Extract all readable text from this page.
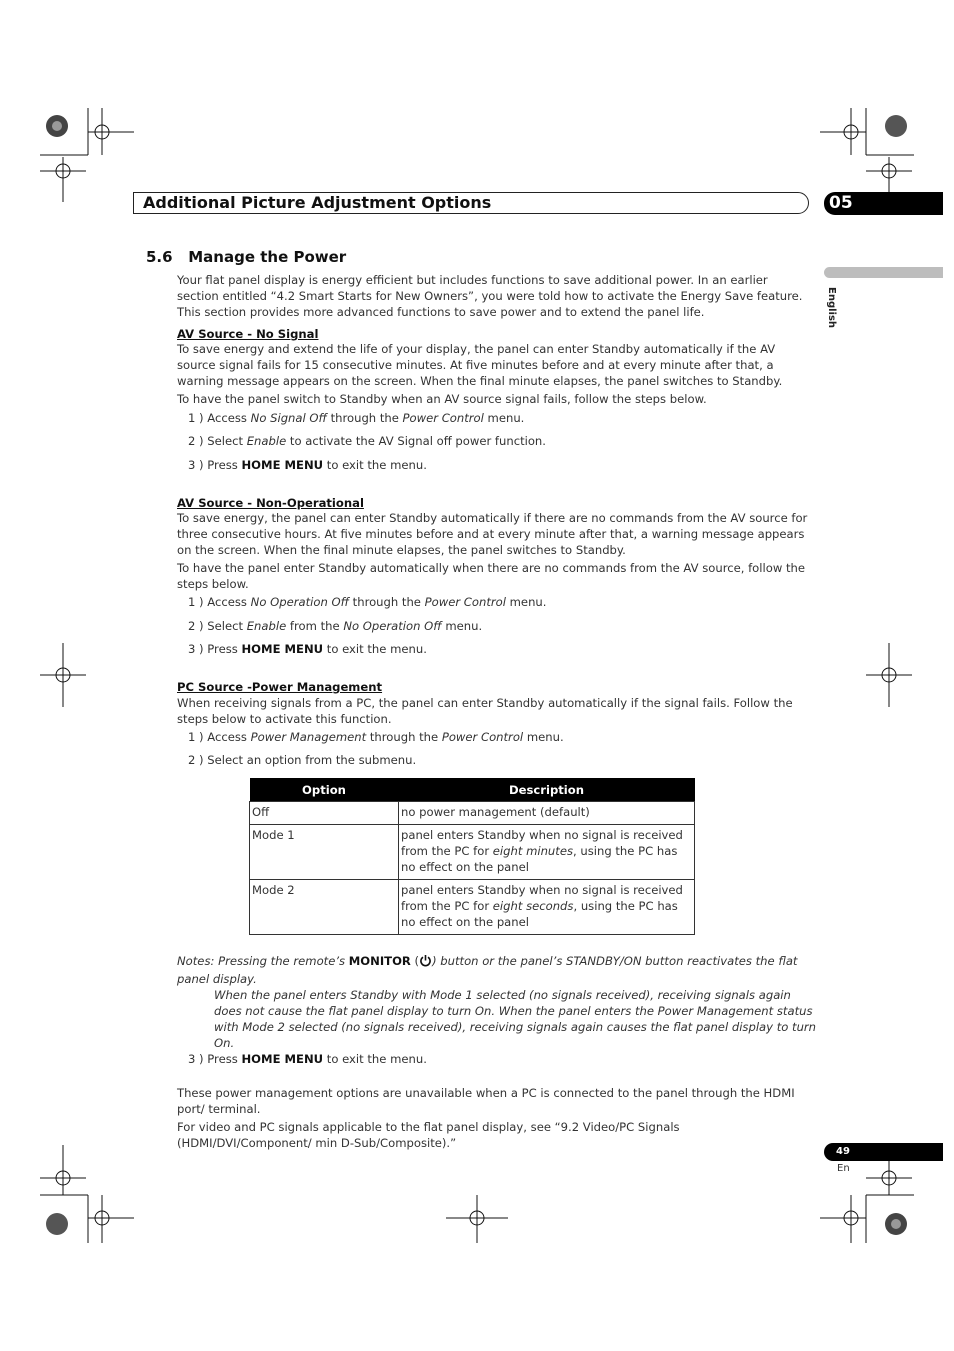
Additional Picture Adjustment Options	05
English
5.6   Manage the Power
Your flat panel display is energy efficient but includes functions to save additional power. In an earlier section entitled “4.2 Smart Starts for New Owners”, you were told how to activate the Energy Save feature. This section provides more advanced functions to save power and to extend the panel life.
AV Source - No Signal
To save energy and extend the life of your display, the panel can enter Standby automatically if the AV source signal fails for 15 consecutive minutes. At five minutes before and at every minute after that, a warning message appears on the screen. When the final minute elapses, the panel switches to Standby.
To have the panel switch to Standby when an AV source signal fails, follow the steps below.
1 ) Access No Signal Off through the Power Control menu.
2 ) Select Enable to activate the AV Signal off power function.
3 ) Press HOME MENU to exit the menu.
AV Source - Non-Operational
To save energy, the panel can enter Standby automatically if there are no commands from the AV source for three consecutive hours. At five minutes before and at every minute after that, a warning message appears on the screen. When the final minute elapses, the panel switches to Standby.
To have the panel enter Standby automatically when there are no commands from the AV source, follow the steps below.
1 ) Access No Operation Off through the Power Control menu.
2 ) Select Enable from the No Operation Off menu.
3 ) Press HOME MENU to exit the menu.
PC Source -Power Management
When receiving signals from a PC, the panel can enter Standby automatically if the signal fails. Follow the steps below to activate this function.
1 ) Access Power Management through the Power Control menu.
2 ) Select an option from the submenu.
Option	Description
Off	no power management (default)
Mode 1	panel enters Standby when no signal is received from the PC for eight minutes, using the PC has no effect on the panel
Mode 2	panel enters Standby when no signal is received from the PC for eight seconds, using the PC has no effect on the panel
Notes: Pressing the remote’s MONITOR ( ) button or the panel’s STANDBY/ON button reactivates the flat panel display.
When the panel enters Standby with Mode 1 selected (no signals received), receiving signals again does not cause the flat panel display to turn On. When the panel enters the Power Management status with Mode 2 selected (no signals received), receiving signals again causes the flat panel display to turn On.
3 ) Press HOME MENU to exit the menu.
These power management options are unavailable when a PC is connected to the panel through the HDMI port/ terminal.
For video and PC signals applicable to the flat panel display, see “9.2 Video/PC Signals (HDMI/DVI/Component/ min D-Sub/Composite).”
49
En
